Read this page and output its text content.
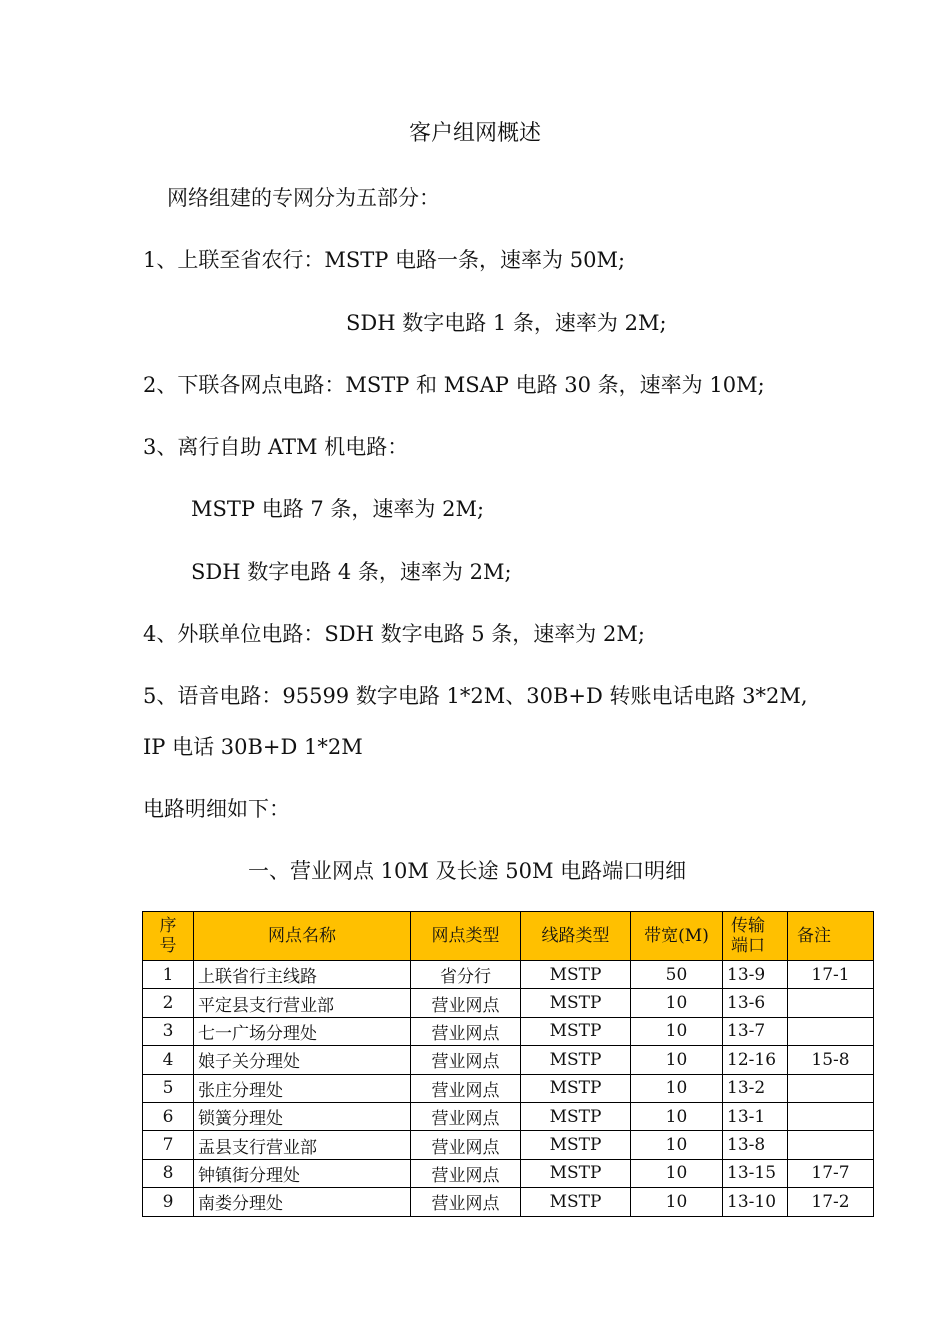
客户组网概述
网络组建的专网分为五部分：
1、上联至省农行：MSTP 电路一条，速率为 50M;
SDH 数字电路 1 条，速率为 2M;
2、下联各网点电路：MSTP 和 MSAP 电路 30 条，速率为 10M;
3、离行自助 ATM 机电路：
MSTP 电路 7 条，速率为 2M;
SDH 数字电路 4 条，速率为 2M;
4、外联单位电路：SDH 数字电路 5 条，速率为 2M;
5、语音电路：95599 数字电路 1*2M、30B+D 转账电话电路 3*2M,
IP 电话 30B+D 1*2M
电路明细如下：
一、营业网点 10M 及长途 50M 电路端口明细
序号	网点名称	网点类型	线路类型	带宽(M)	传输端口	备注
1	上联省行主线路	省分行	MSTP	50	13-9	17-1
2	平定县支行营业部	营业网点	MSTP	10	13-6	
3	七一广场分理处	营业网点	MSTP	10	13-7	
4	娘子关分理处	营业网点	MSTP	10	12-16	15-8
5	张庄分理处	营业网点	MSTP	10	13-2	
6	锁簧分理处	营业网点	MSTP	10	13-1	
7	盂县支行营业部	营业网点	MSTP	10	13-8	
8	钟镇街分理处	营业网点	MSTP	10	13-15	17-7
9	南娄分理处	营业网点	MSTP	10	13-10	17-2
